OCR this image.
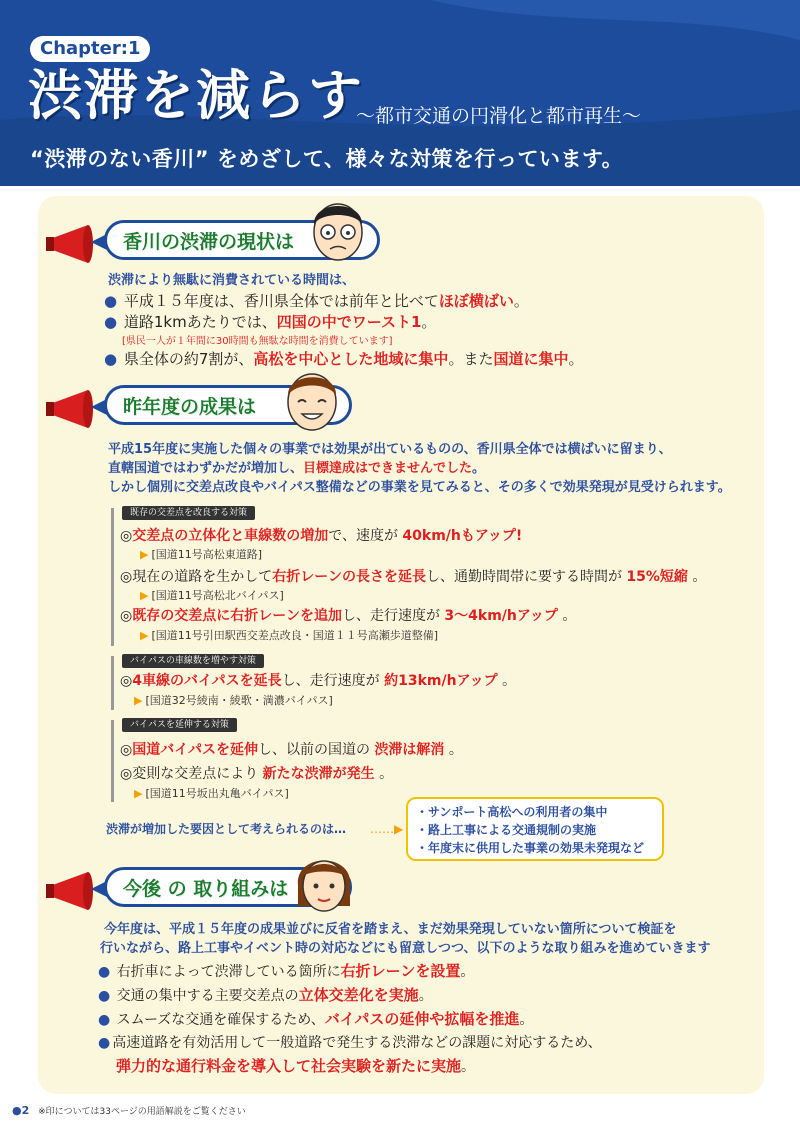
Chapter:1
渋滞を減らす
～都市交通の円滑化と都市再生～
“渋滞のない香川” をめざして、様々な対策を行っています。
香川の渋滞の現状は
渋滞により無駄に消費されている時間は、
● 平成１５年度は、香川県全体では前年と比べてほぼ横ばい。
● 道路1kmあたりでは、四国の中でワースト1。
[県民一人が１年間に30時間も無駄な時間を消費しています]
● 県全体の約7割が、高松を中心とした地域に集中。また国道に集中。
昨年度の成果は
平成15年度に実施した個々の事業では効果が出ているものの、香川県全体では横ばいに留まり、
直轄国道ではわずかだが増加し、目標達成はできませんでした。
しかし個別に交差点改良やバイパス整備などの事業を見てみると、その多くで効果発現が見受けられます。
既存の交差点を改良する対策
◎交差点の立体化と車線数の増加で、速度が 40km/hもアップ!
▶ [国道11号高松東道路]
◎現在の道路を生かして右折レーンの長さを延長し、通勤時間帯に要する時間が 15%短縮 。
▶ [国道11号高松北バイパス]
◎既存の交差点に右折レーンを追加し、走行速度が 3～4km/hアップ 。
▶ [国道11号引田駅西交差点改良・国道１１号高瀬歩道整備]
バイパスの車線数を増やす対策
◎4車線のバイパスを延長し、走行速度が 約13km/hアップ 。
▶ [国道32号綾南・綾歌・満濃バイパス]
バイパスを延伸する対策
◎国道バイパスを延伸し、以前の国道の 渋滞は解消 。
◎変則な交差点により 新たな渋滞が発生 。
▶ [国道11号坂出丸亀バイパス]
渋滞が増加した要因として考えられるのは… ……▶
・サンポート高松への利用者の集中
・路上工事による交通規制の実施
・年度末に供用した事業の効果未発現など
今後 の 取り組みは
今年度は、平成１５年度の成果並びに反省を踏まえ、まだ効果発現していない箇所について検証を
行いながら、路上工事やイベント時の対応などにも留意しつつ、以下のような取り組みを進めていきます
● 右折車によって渋滞している箇所に右折レーンを設置。
● 交通の集中する主要交差点の立体交差化を実施。
● スムーズな交通を確保するため、バイパスの延伸や拡幅を推進。
● 高速道路を有効活用して一般道路で発生する渋滞などの課題に対応するため、
弾力的な通行料金を導入して社会実験を新たに実施。
●2 ※印については33ページの用語解説をご覧ください
